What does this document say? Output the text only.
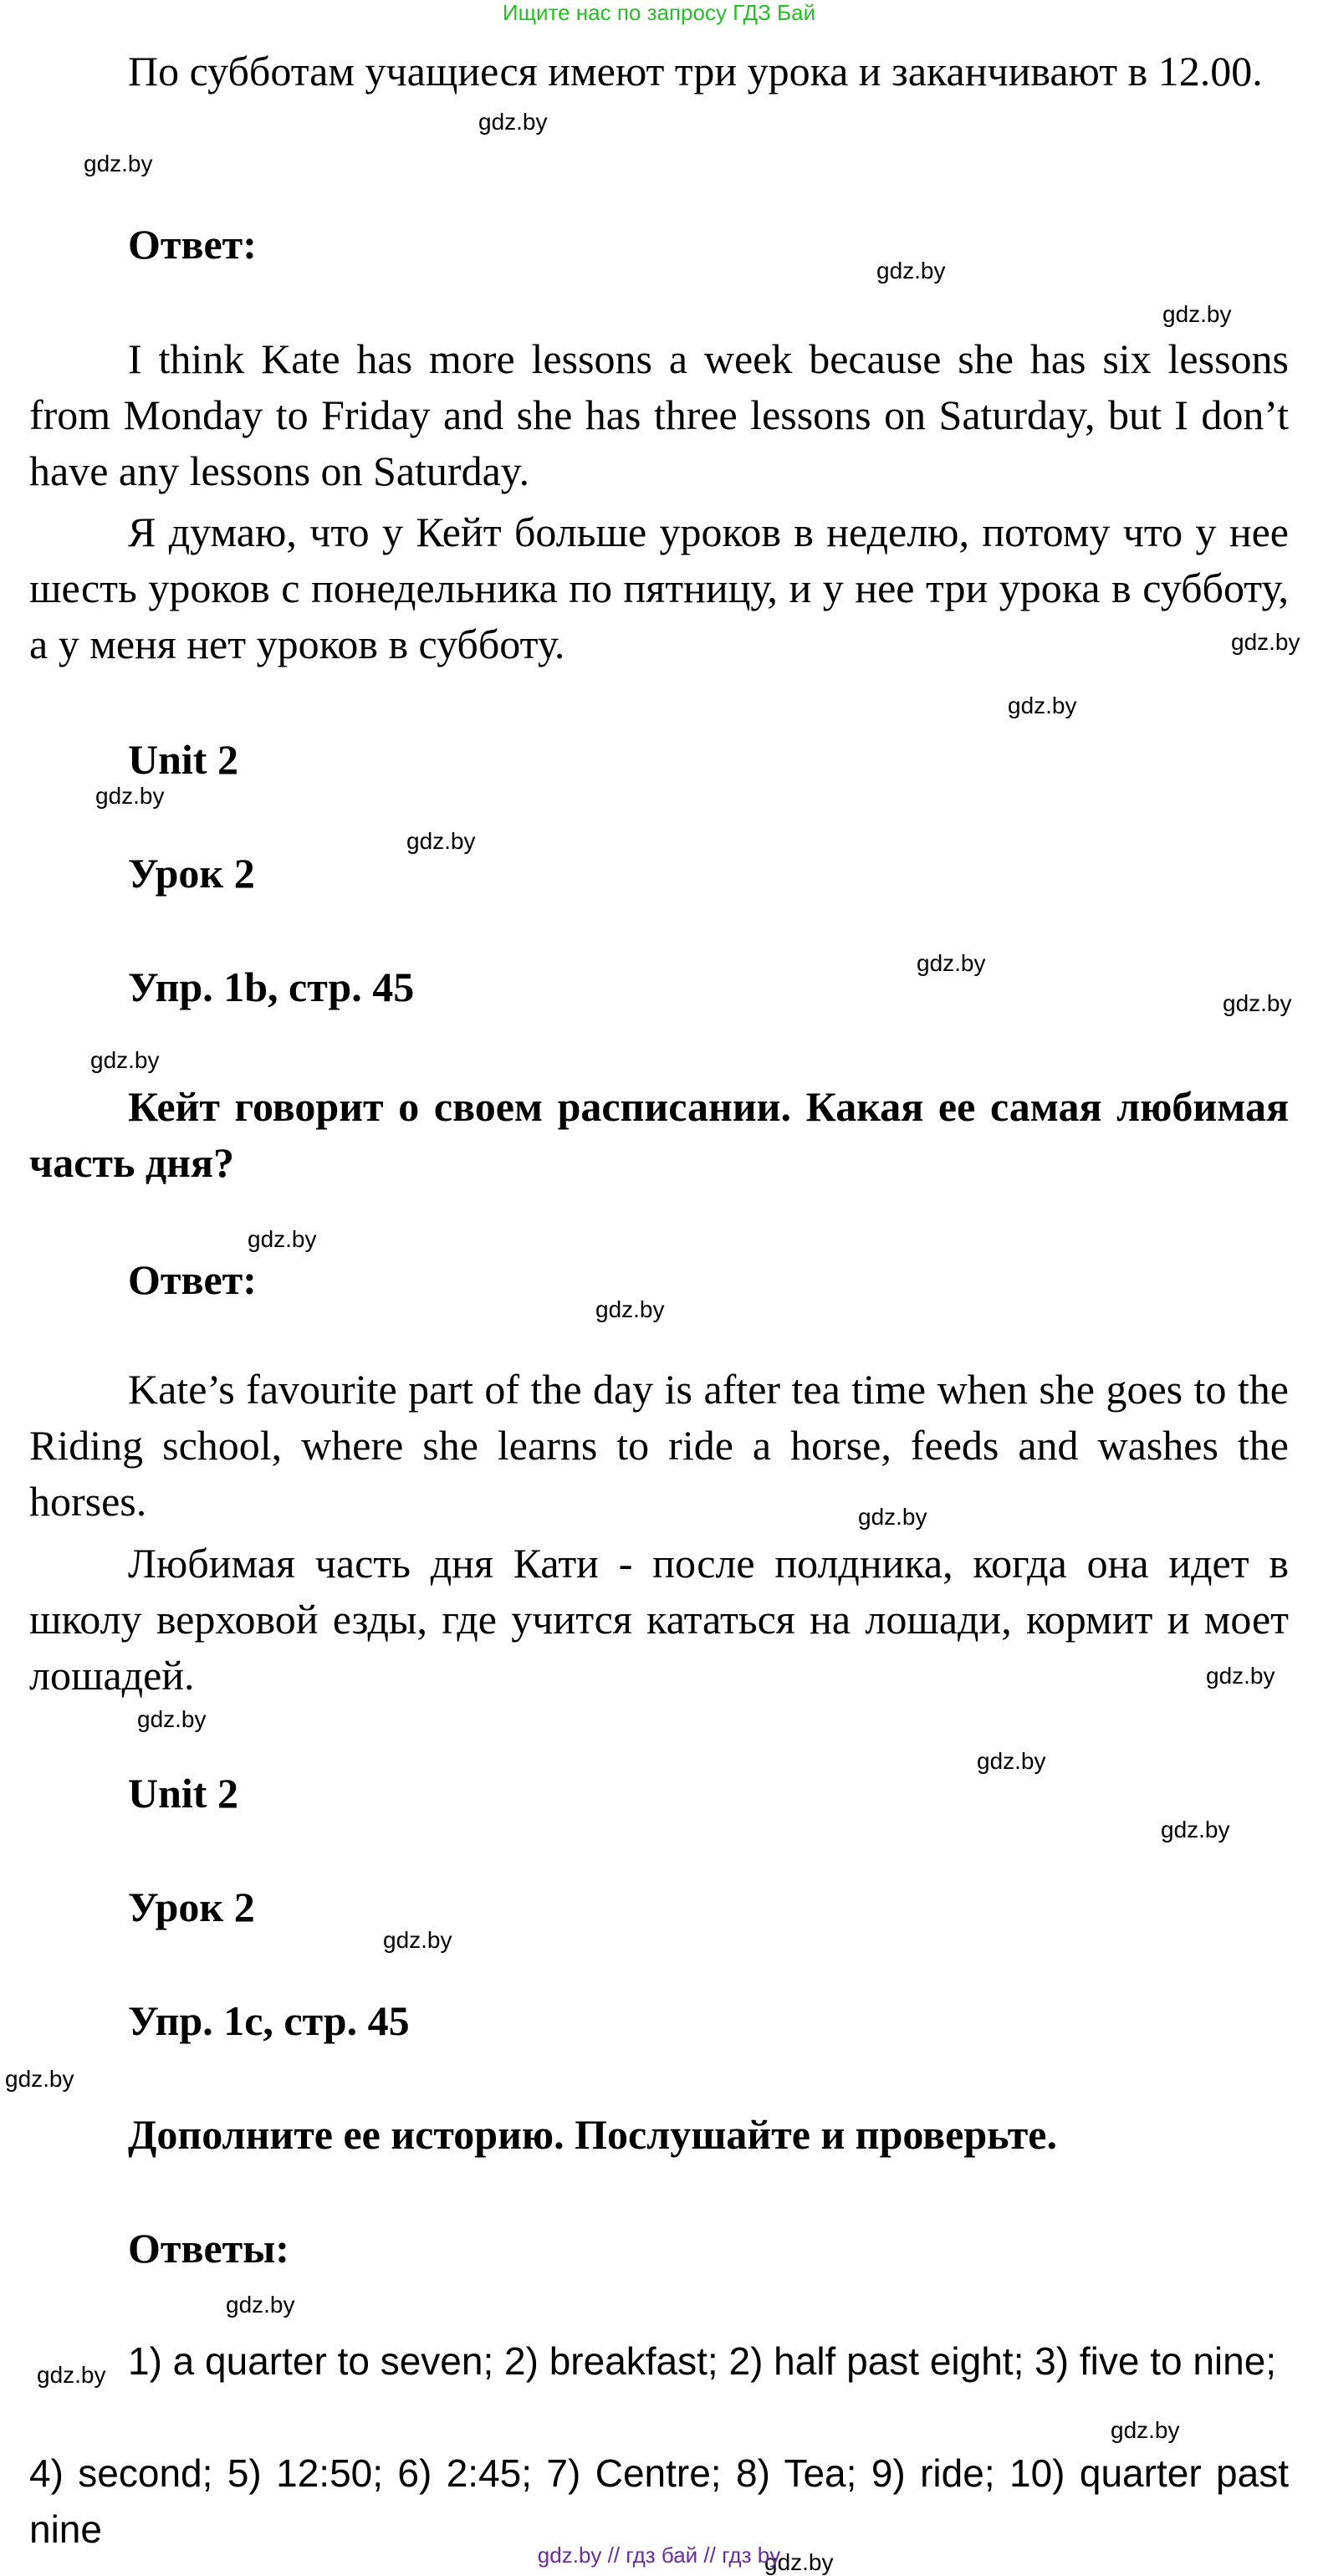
Ищите нас по запросу ГДЗ Бай

По субботам учащиеся имеют три урока и заканчивают в 12.00.

Ответ:

I think Kate has more lessons a week because she has six lessons from Monday to Friday and she has three lessons on Saturday, but I don’t have any lessons on Saturday.

Я думаю, что у Кейт больше уроков в неделю, потому что у нее шесть уроков с понедельника по пятницу, и у нее три урока в субботу, а у меня нет уроков в субботу.

Unit 2
Урок 2
Упр. 1b, стр. 45

Кейт говорит о своем расписании. Какая ее самая любимая часть дня?

Ответ:

Kate’s favourite part of the day is after tea time when she goes to the Riding school, where she learns to ride a horse, feeds and washes the horses.

Любимая часть дня Кати - после полдника, когда она идет в школу верховой езды, где учится кататься на лошади, кормит и моет лошадей.

Unit 2
Урок 2
Упр. 1c, стр. 45
Дополните ее историю. Послушайте и проверьте.
Ответы:

1) a quarter to seven; 2) breakfast; 2) half past eight; 3) five to nine;

4) second; 5) 12:50; 6) 2:45; 7) Centre; 8) Tea; 9) ride; 10) quarter past nine

gdz.by
gdz.by
gdz.by
gdz.by
gdz.by
gdz.by
gdz.by
gdz.by
gdz.by
gdz.by
gdz.by
gdz.by
gdz.by
gdz.by
gdz.by
gdz.by
gdz.by
gdz.by
gdz.by
gdz.by
gdz.by
gdz.by
gdz.by
gdz.by
gdz.by // гдз бай // гдз by
